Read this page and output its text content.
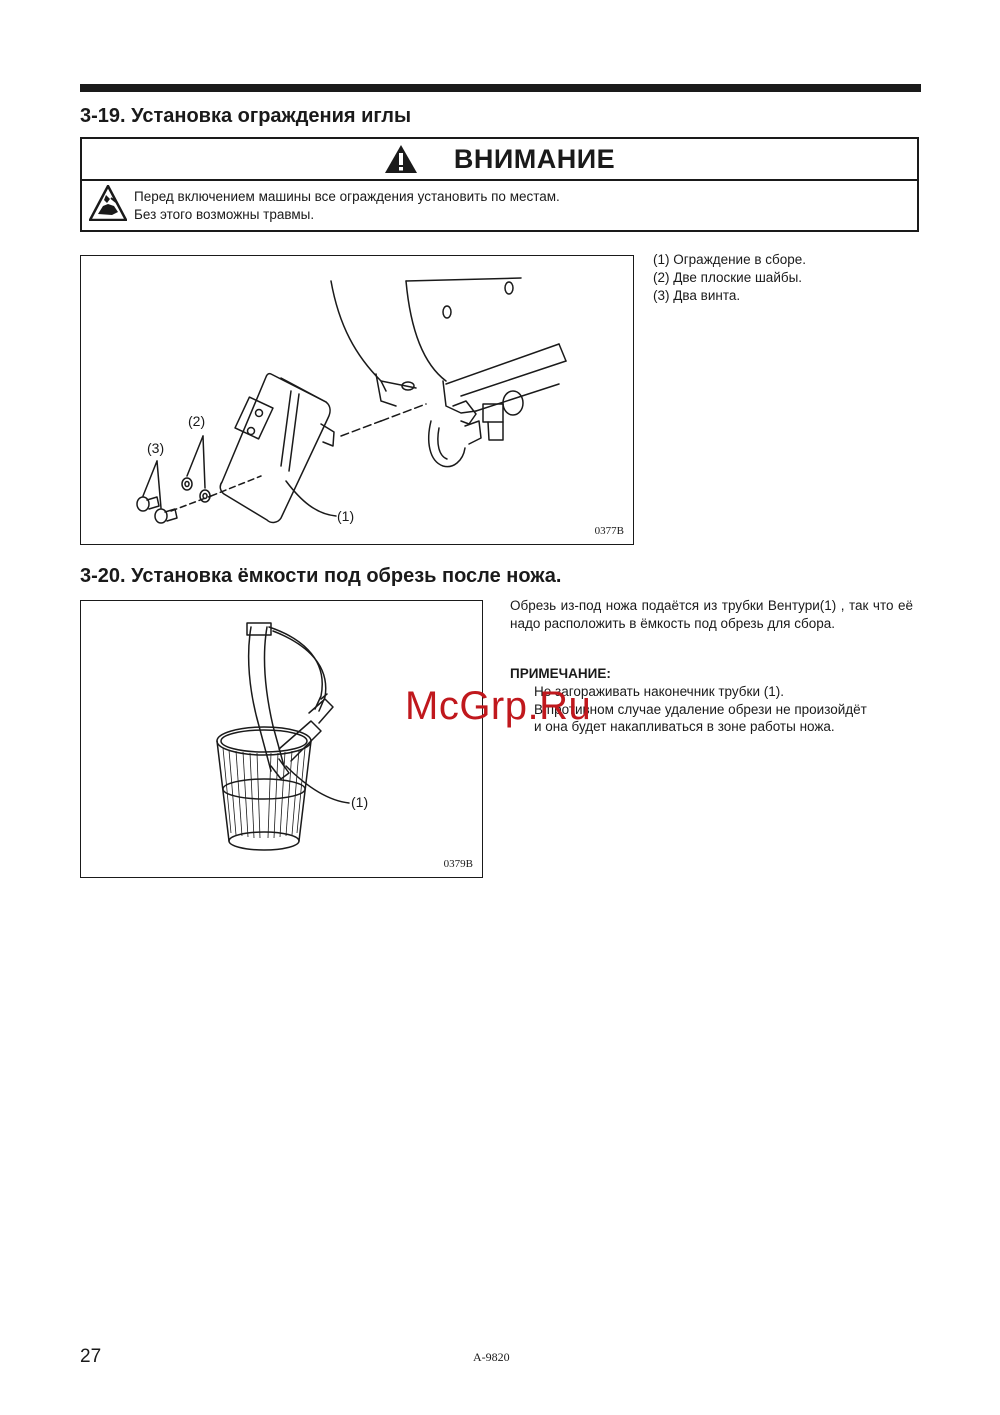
3-19. Установка ограждения иглы
ВНИМАНИЕ
Перед включением машины все ограждения установить по местам.
Без этого возможны травмы.
(2)
(3)
(1)
0377B
(1) Ограждение в сборе.
(2) Две плоские шайбы.
(3) Два винта.
3-20. Установка ёмкости под обрезь после ножа.
(1)
0379B
Обрезь из-под ножа подаётся из трубки Вентури(1) , так что её надо расположить в ёмкость под обрезь для сбора.
ПРИМЕЧАНИЕ:
Не загораживать наконечник трубки (1).
В противном случае удаление обрези не произойдёт
и она будет накапливаться в зоне работы ножа.
McGrp.Ru
27	A-9820
